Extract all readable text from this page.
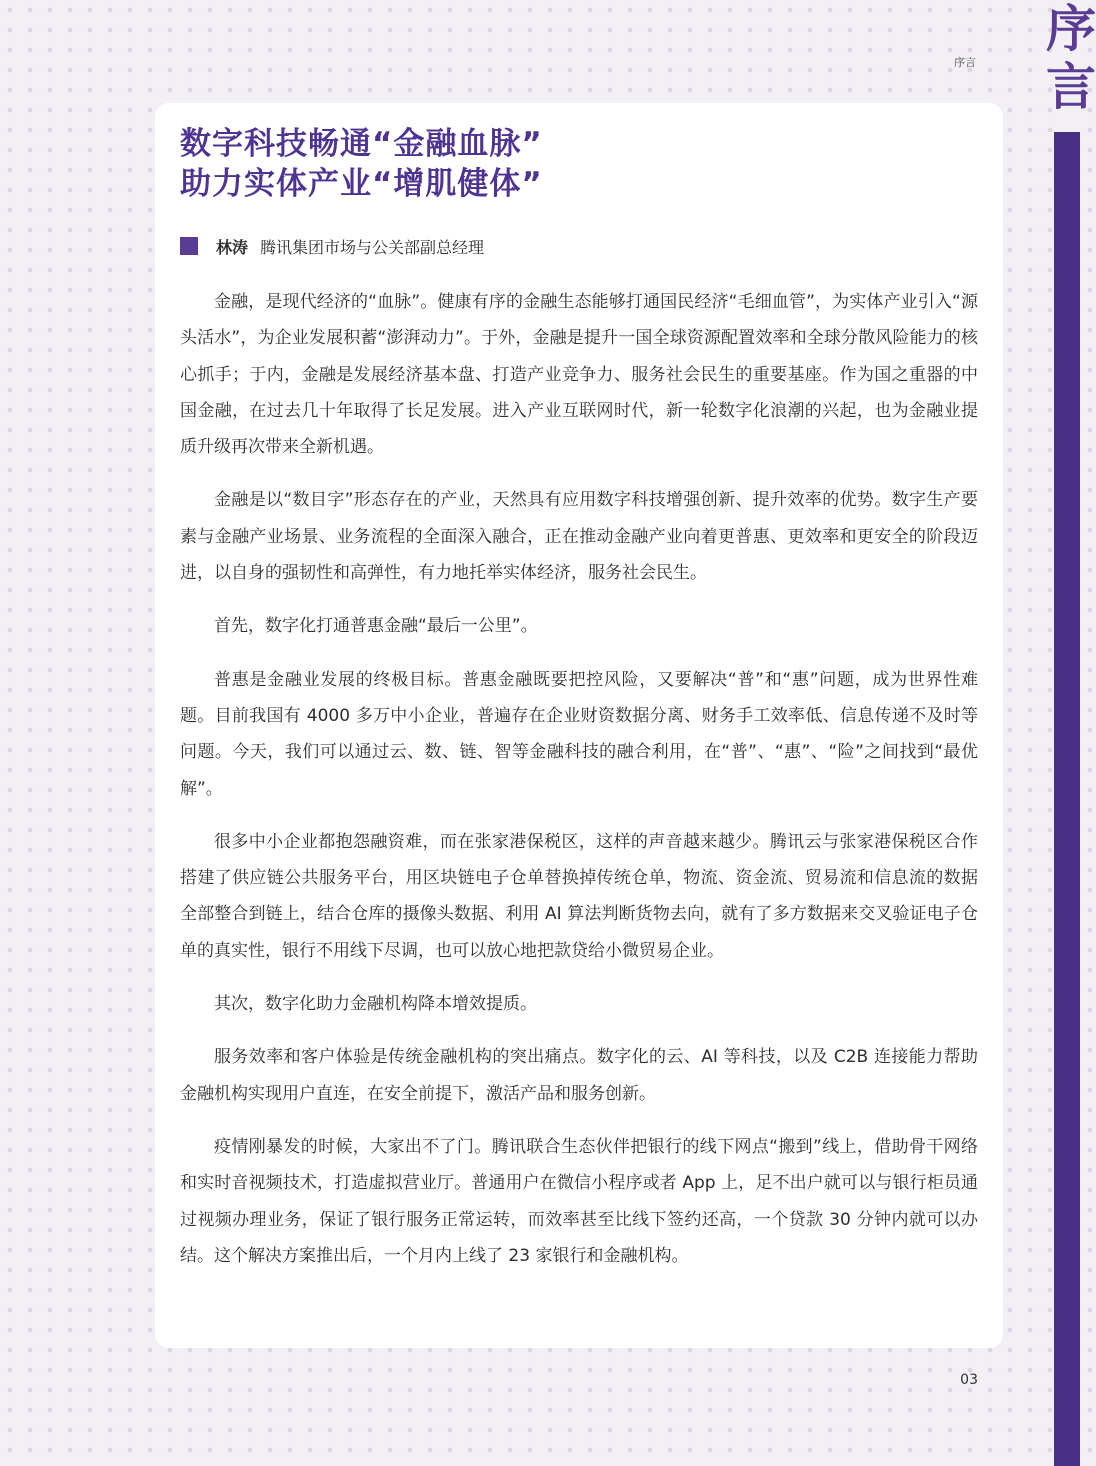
序
言
序言
数字科技畅通“金融血脉”
助力实体产业“增肌健体”
林涛 腾讯集团市场与公关部副总经理

金融，是现代经济的“血脉”。健康有序的金融生态能够打通国民经济“毛细血管”，为实体产业引入“源头活水”，为企业发展积蓄“澎湃动力”。于外，金融是提升一国全球资源配置效率和全球分散风险能力的核心抓手；于内，金融是发展经济基本盘、打造产业竞争力、服务社会民生的重要基座。作为国之重器的中国金融，在过去几十年取得了长足发展。进入产业互联网时代，新一轮数字化浪潮的兴起，也为金融业提质升级再次带来全新机遇。

金融是以“数目字”形态存在的产业，天然具有应用数字科技增强创新、提升效率的优势。数字生产要素与金融产业场景、业务流程的全面深入融合，正在推动金融产业向着更普惠、更效率和更安全的阶段迈进，以自身的强韧性和高弹性，有力地托举实体经济，服务社会民生。

首先，数字化打通普惠金融“最后一公里”。

普惠是金融业发展的终极目标。普惠金融既要把控风险，又要解决“普”和“惠”问题，成为世界性难题。目前我国有 4000 多万中小企业，普遍存在企业财资数据分离、财务手工效率低、信息传递不及时等问题。今天，我们可以通过云、数、链、智等金融科技的融合利用，在“普”、“惠”、“险”之间找到“最优解”。

很多中小企业都抱怨融资难，而在张家港保税区，这样的声音越来越少。腾讯云与张家港保税区合作搭建了供应链公共服务平台，用区块链电子仓单替换掉传统仓单，物流、资金流、贸易流和信息流的数据全部整合到链上，结合仓库的摄像头数据、利用 AI 算法判断货物去向，就有了多方数据来交叉验证电子仓单的真实性，银行不用线下尽调，也可以放心地把款贷给小微贸易企业。

其次，数字化助力金融机构降本增效提质。

服务效率和客户体验是传统金融机构的突出痛点。数字化的云、AI 等科技，以及 C2B 连接能力帮助金融机构实现用户直连，在安全前提下，激活产品和服务创新。

疫情刚暴发的时候，大家出不了门。腾讯联合生态伙伴把银行的线下网点“搬到”线上，借助骨干网络和实时音视频技术，打造虚拟营业厅。普通用户在微信小程序或者 App 上，足不出户就可以与银行柜员通过视频办理业务，保证了银行服务正常运转，而效率甚至比线下签约还高，一个贷款 30 分钟内就可以办结。这个解决方案推出后，一个月内上线了 23 家银行和金融机构。

03
